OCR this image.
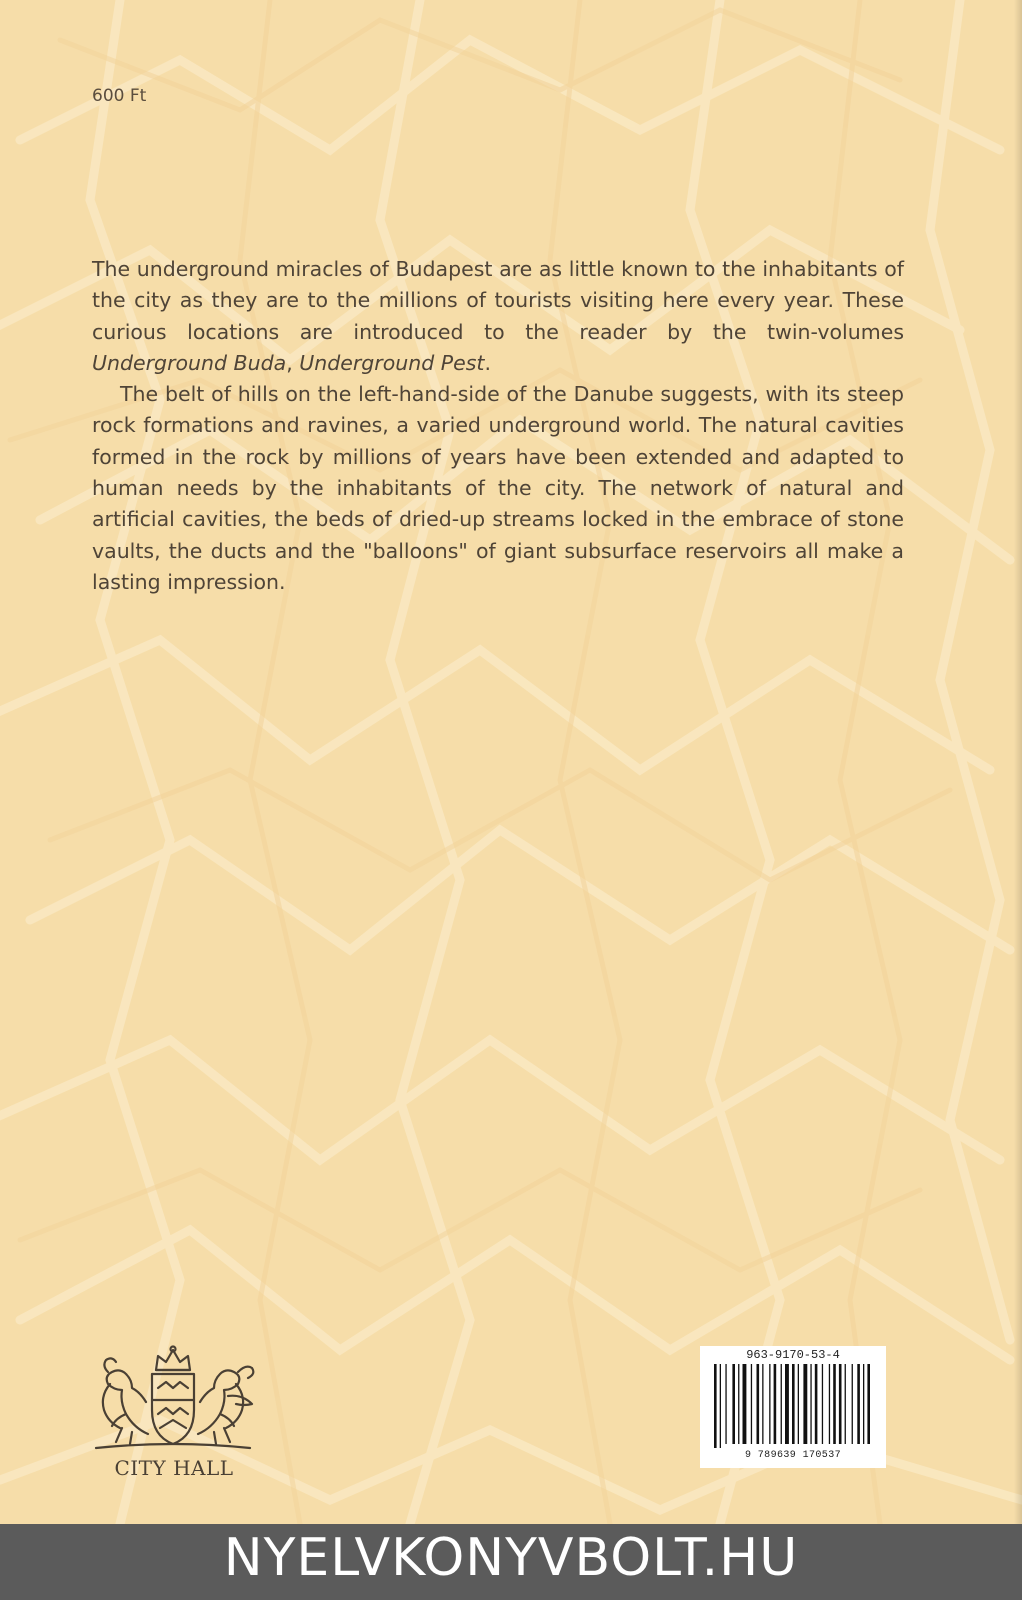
600 Ft

The underground miracles of Budapest are as little known to the inhabitants of the city as they are to the millions of tourists visiting here every year. These curious locations are introduced to the reader by the twin-volumes Underground Buda, Underground Pest.

The belt of hills on the left-hand-side of the Danube suggests, with its steep rock formations and ravines, a varied underground world. The natural cavities formed in the rock by millions of years have been extended and adapted to human needs by the inhabitants of the city. The network of natural and artificial cavities, the beds of dried-up streams locked in the embrace of stone vaults, the ducts and the "balloons" of giant subsurface reservoirs all make a lasting impression.

CITY HALL
963-9170-53-4
9 789639 170537
NYELVKONYVBOLT.HU
